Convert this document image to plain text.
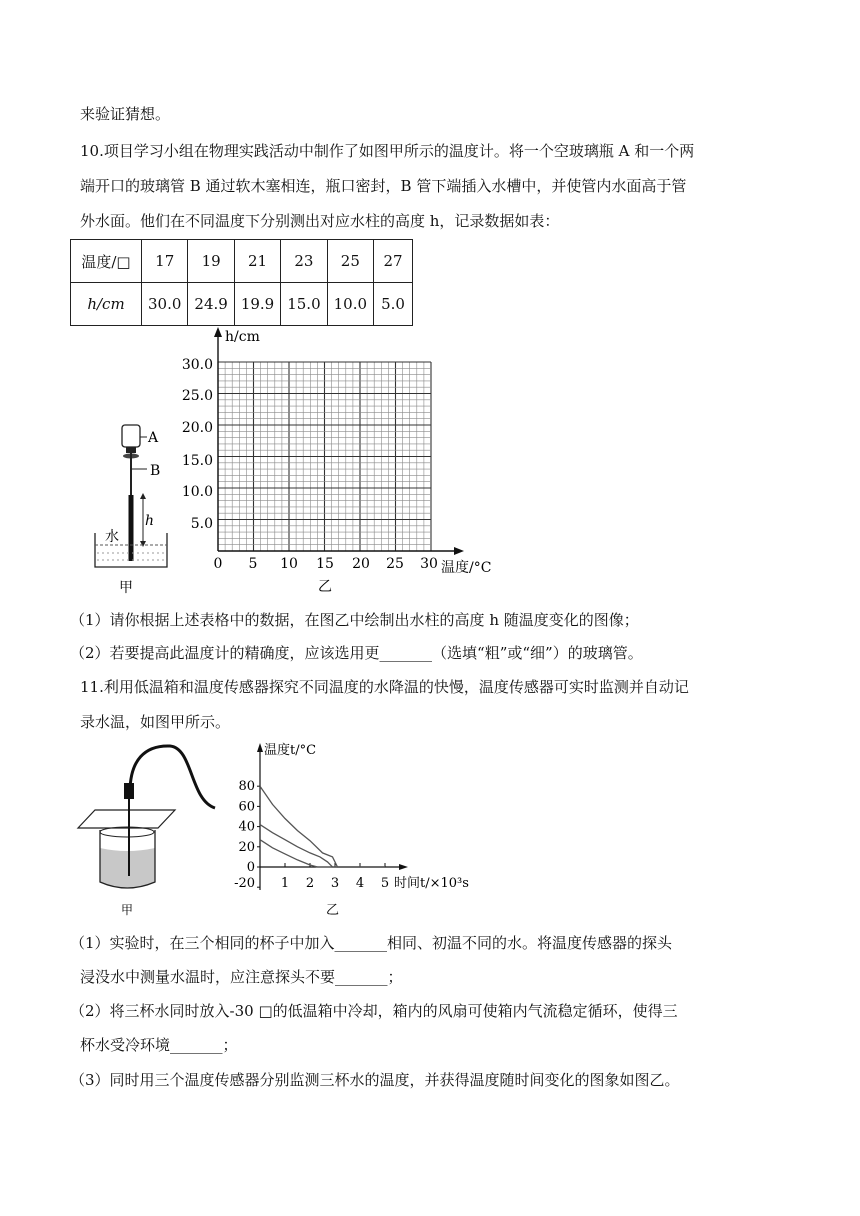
来验证猜想。
10.项目学习小组在物理实践活动中制作了如图甲所示的温度计。将一个空玻璃瓶 A 和一个两
端开口的玻璃管 B 通过软木塞相连，瓶口密封，B 管下端插入水槽中，并使管内水面高于管
外水面。他们在不同温度下分别测出对应水柱的高度 h，记录数据如表：
温度/□	17	19	21	23	25	27
h/cm	30.0	24.9	19.9	15.0	10.0	5.0
A
B
h
水
甲
h/cm
温度/°C
30.0
25.0
20.0
15.0
10.0
5.0
0 5 10 15 20 25 30
乙
（1）请你根据上述表格中的数据，在图乙中绘制出水柱的高度 h 随温度变化的图像；
（2）若要提高此温度计的精确度，应该选用更_______（选填“粗”或“细”）的玻璃管。
11.利用低温箱和温度传感器探究不同温度的水降温的快慢，温度传感器可实时监测并自动记
录水温，如图甲所示。
甲
温度t/°C
时间t/×10³s
乙
80
60
40
20
0
-20 1 2 3 4 5
（1）实验时，在三个相同的杯子中加入_______相同、初温不同的水。将温度传感器的探头
浸没水中测量水温时，应注意探头不要_______；
（2）将三杯水同时放入-30 □的低温箱中冷却，箱内的风扇可使箱内气流稳定循环，使得三
杯水受冷环境_______；
（3）同时用三个温度传感器分别监测三杯水的温度，并获得温度随时间变化的图象如图乙。
